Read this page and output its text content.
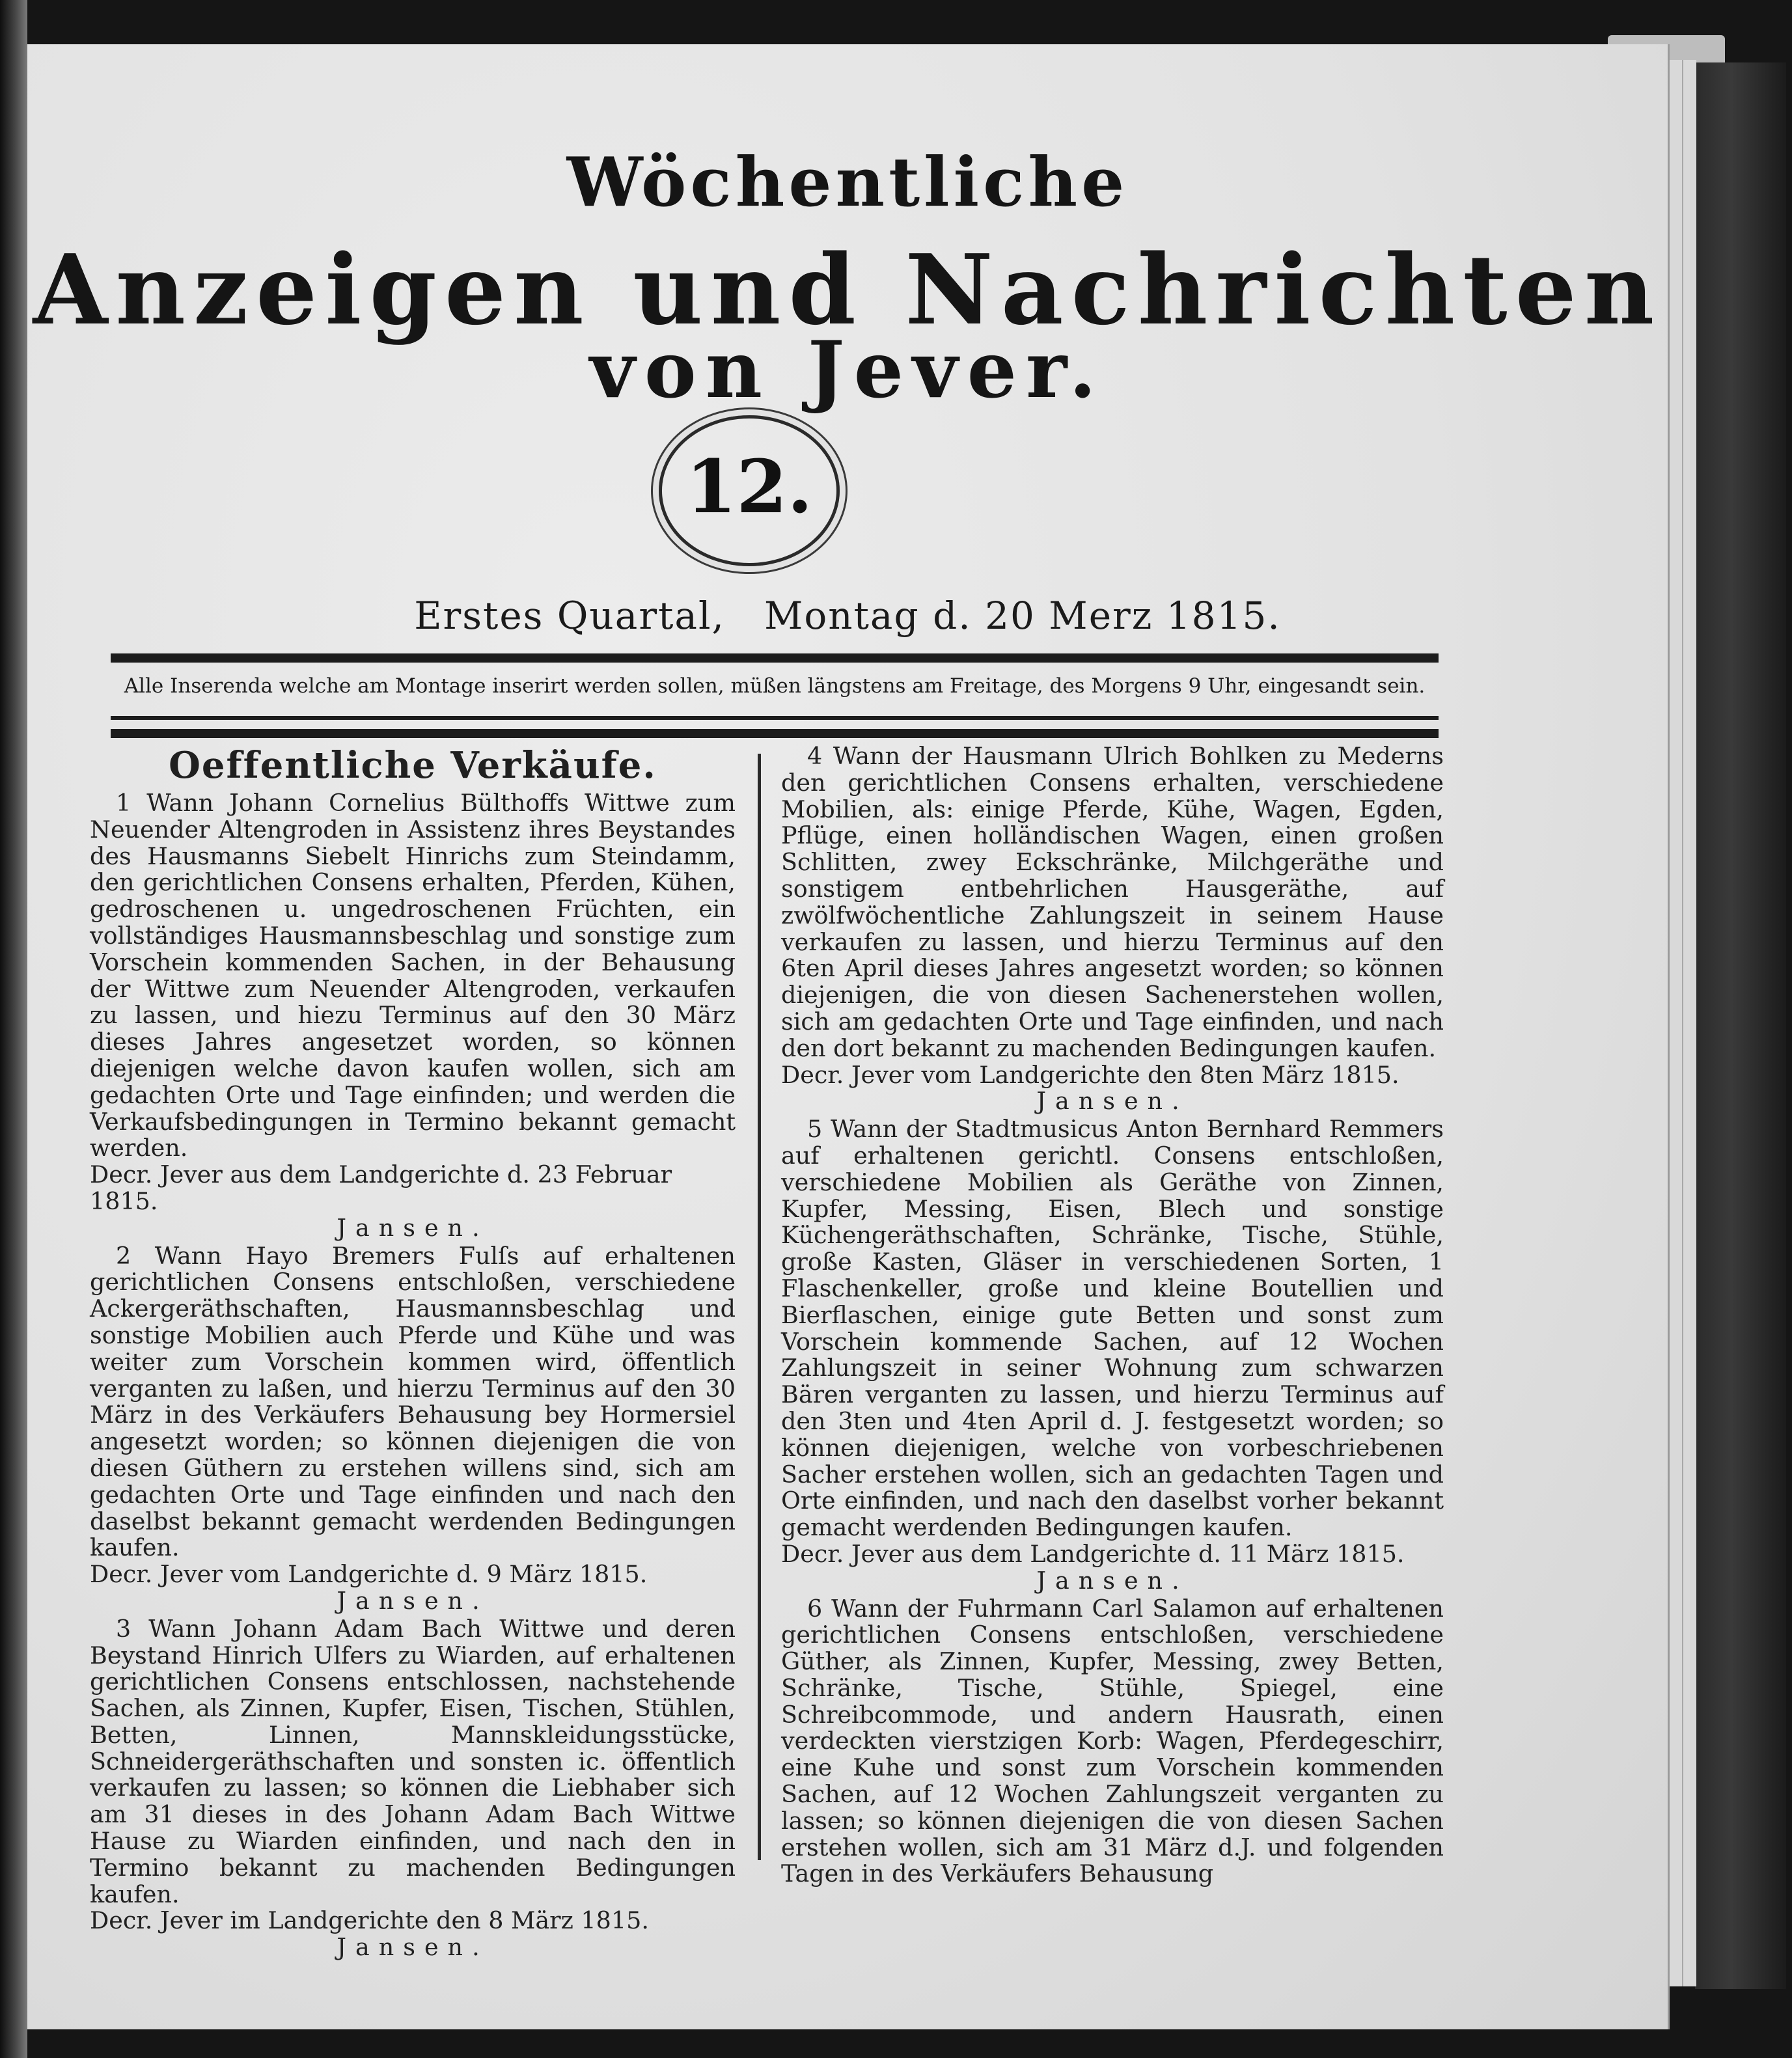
Wöchentliche
Anzeigen und Nachrichten
von Jever.
12.
Erstes Quartal, Montag d. 20 Merz 1815.
Alle Inserenda welche am Montage inserirt werden sollen, müßen längstens am Freitage, des Morgens 9 Uhr, eingesandt sein.
Oeffentliche Verkäufe.

1 Wann Johann Cornelius Bülthoffs Wittwe zum Neuender Altengroden in Assistenz ihres Beystandes des Hausmanns Siebelt Hinrichs zum Steindamm, den gerichtlichen Consens erhalten, Pferden, Kühen, gedroschenen u. ungedroschenen Früchten, ein vollständiges Hausmannsbeschlag und sonstige zum Vorschein kommenden Sachen, in der Behausung der Wittwe zum Neuender Altengroden, verkaufen zu lassen, und hiezu Terminus auf den 30 März dieses Jahres angesetzet worden, so können diejenigen welche davon kaufen wollen, sich am gedachten Orte und Tage einfinden; und werden die Verkaufsbedingungen in Termino bekannt gemacht werden.

Decr. Jever aus dem Landgerichte d. 23 Februar 1815.

Jansen.

2 Wann Hayo Bremers Fulſs auf erhaltenen gerichtlichen Consens entschloßen, verschiedene Ackergeräthschaften, Hausmannsbeschlag und sonstige Mobilien auch Pferde und Kühe und was weiter zum Vorschein kommen wird, öffentlich verganten zu laßen, und hierzu Terminus auf den 30 März in des Verkäufers Behausung bey Hormersiel angesetzt worden; so können diejenigen die von diesen Güthern zu erstehen willens sind, sich am gedachten Orte und Tage einfinden und nach den daselbst bekannt gemacht werdenden Bedingungen kaufen.

Decr. Jever vom Landgerichte d. 9 März 1815.

Jansen.

3 Wann Johann Adam Bach Wittwe und deren Beystand Hinrich Ulfers zu Wiarden, auf erhaltenen gerichtlichen Consens entschlossen, nachstehende Sachen, als Zinnen, Kupfer, Eisen, Tischen, Stühlen, Betten, Linnen, Mannskleidungsstücke, Schneidergeräthschaften und sonsten ic. öffentlich verkaufen zu lassen; so können die Liebhaber sich am 31 dieses in des Johann Adam Bach Wittwe Hause zu Wiarden einfinden, und nach den in Termino bekannt zu machenden Bedingungen kaufen.

Decr. Jever im Landgerichte den 8 März 1815.

Jansen.

4 Wann der Hausmann Ulrich Bohlken zu Mederns den gerichtlichen Consens erhalten, verschiedene Mobilien, als: einige Pferde, Kühe, Wagen, Egden, Pflüge, einen holländischen Wagen, einen großen Schlitten, zwey Eckschränke, Milchgeräthe und sonstigem entbehrlichen Hausgeräthe, auf zwölfwöchentliche Zahlungszeit in seinem Hause verkaufen zu lassen, und hierzu Terminus auf den 6ten April dieses Jahres angesetzt worden; so können diejenigen, die von diesen Sachenerstehen wollen, sich am gedachten Orte und Tage einfinden, und nach den dort bekannt zu machenden Bedingungen kaufen.

Decr. Jever vom Landgerichte den 8ten März 1815.

Jansen.

5 Wann der Stadtmusicus Anton Bernhard Remmers auf erhaltenen gerichtl. Consens entschloßen, verschiedene Mobilien als Geräthe von Zinnen, Kupfer, Messing, Eisen, Blech und sonstige Küchengeräthschaften, Schränke, Tische, Stühle, große Kasten, Gläser in verschiedenen Sorten, 1 Flaschenkeller, große und kleine Boutellien und Bierflaschen, einige gute Betten und sonst zum Vorschein kommende Sachen, auf 12 Wochen Zahlungszeit in seiner Wohnung zum schwarzen Bären verganten zu lassen, und hierzu Terminus auf den 3ten und 4ten April d. J. festgesetzt worden; so können diejenigen, welche von vorbeschriebenen Sacher erstehen wollen, sich an gedachten Tagen und Orte einfinden, und nach den daselbst vorher bekannt gemacht werdenden Bedingungen kaufen.

Decr. Jever aus dem Landgerichte d. 11 März 1815.

Jansen.

6 Wann der Fuhrmann Carl Salamon auf erhaltenen gerichtlichen Consens entschloßen, verschiedene Güther, als Zinnen, Kupfer, Messing, zwey Betten, Schränke, Tische, Stühle, Spiegel, eine Schreibcommode, und andern Hausrath, einen verdeckten vierstzigen Korb: Wagen, Pferdegeschirr, eine Kuhe und sonst zum Vorschein kommenden Sachen, auf 12 Wochen Zahlungszeit verganten zu lassen; so können diejenigen die von diesen Sachen erstehen wollen, sich am 31 März d.J. und folgenden Tagen in des Verkäufers Behausung
